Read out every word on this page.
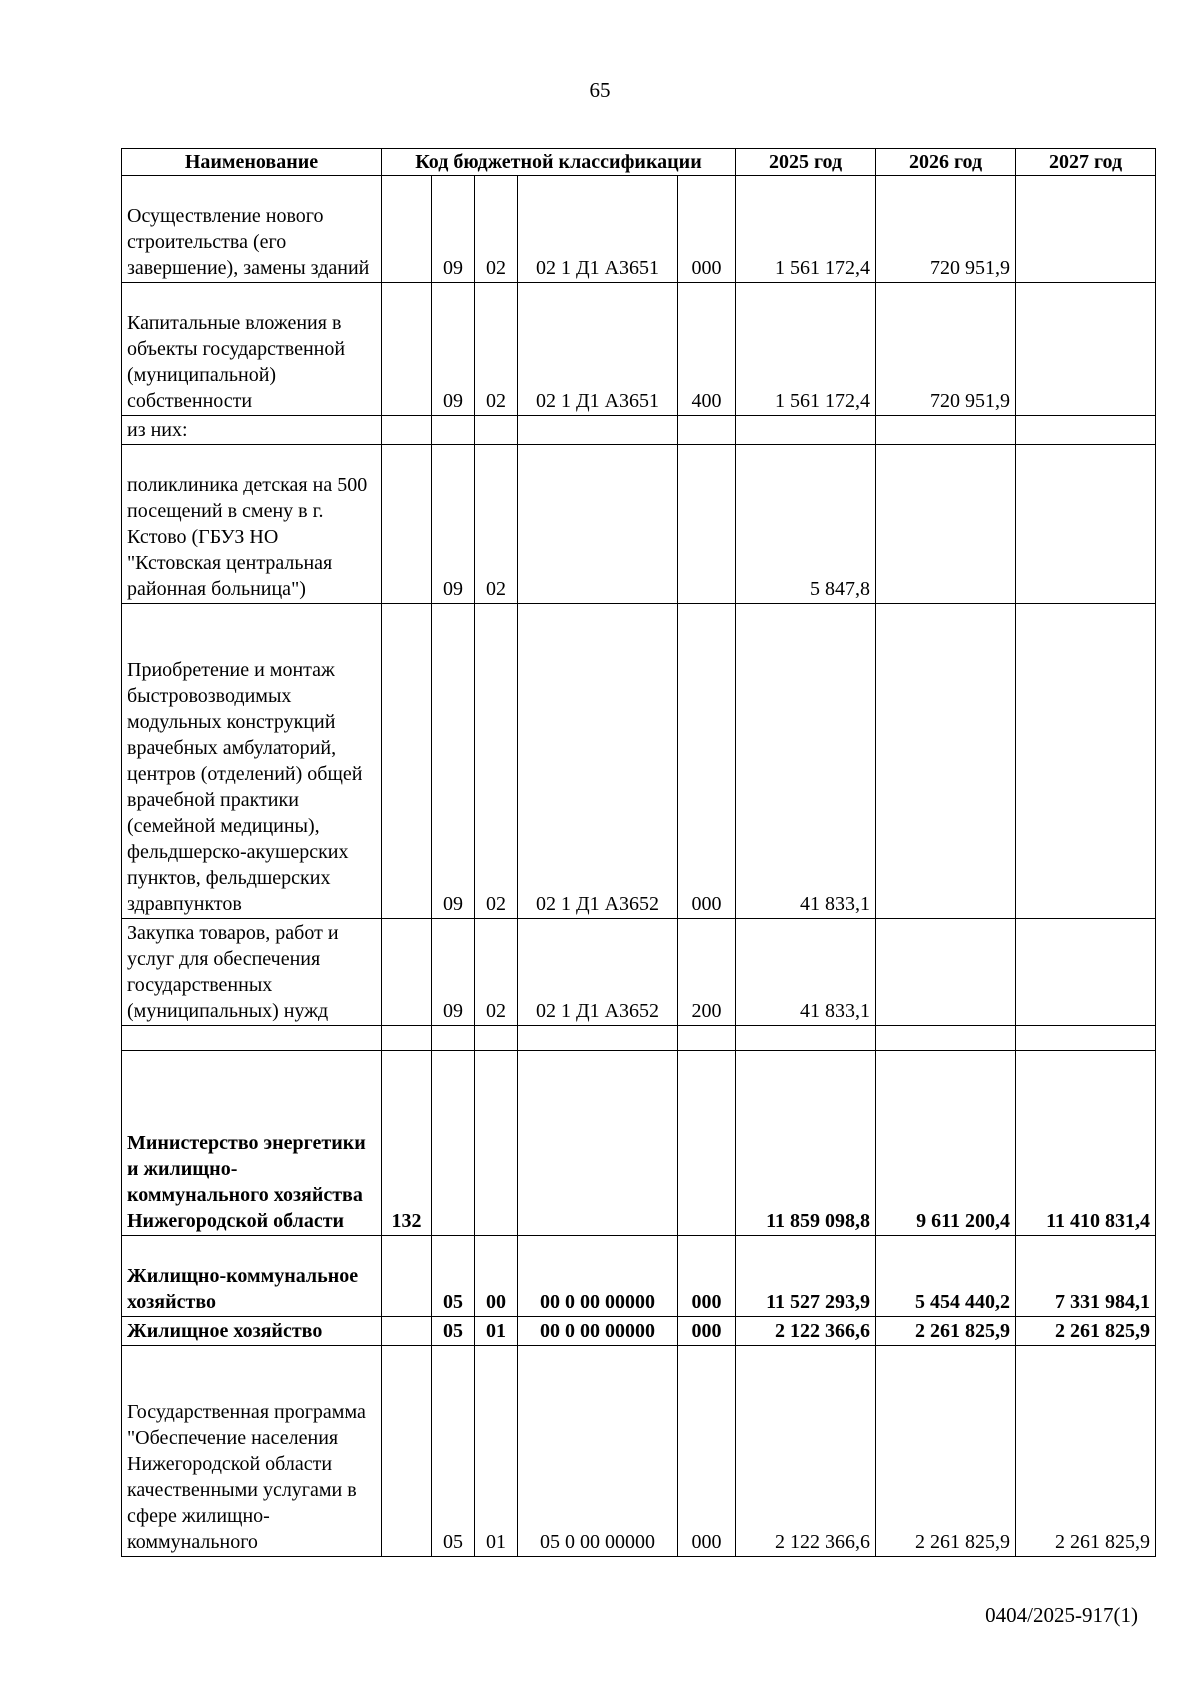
65
Наименование	Код бюджетной классификации					2025 год	2026 год	2027 год
Осуществление нового строительства (его завершение), замены зданий		09	02	02 1 Д1 А3651	000	1 561 172,4	720 951,9	
Капитальные вложения в объекты государственной (муниципальной) собственности		09	02	02 1 Д1 А3651	400	1 561 172,4	720 951,9	
из них:								
поликлиника детская на 500 посещений в смену в г. Кстово (ГБУЗ НО "Кстовская центральная районная больница")		09	02			5 847,8		
Приобретение и монтаж быстровозводимых модульных конструкций врачебных амбулаторий, центров (отделений) общей врачебной практики (семейной медицины), фельдшерско-акушерских пунктов, фельдшерских здравпунктов		09	02	02 1 Д1 А3652	000	41 833,1		
Закупка товаров, работ и услуг для обеспечения государственных (муниципальных) нужд		09	02	02 1 Д1 А3652	200	41 833,1		

Министерство энергетики и жилищно-коммунального хозяйства Нижегородской области	132					11 859 098,8	9 611 200,4	11 410 831,4
Жилищно-коммунальное хозяйство		05	00	00 0 00 00000	000	11 527 293,9	5 454 440,2	7 331 984,1
Жилищное хозяйство		05	01	00 0 00 00000	000	2 122 366,6	2 261 825,9	2 261 825,9
Государственная программа "Обеспечение населения Нижегородской области качественными услугами в сфере жилищно-коммунального		05	01	05 0 00 00000	000	2 122 366,6	2 261 825,9	2 261 825,9
0404/2025-917(1)
